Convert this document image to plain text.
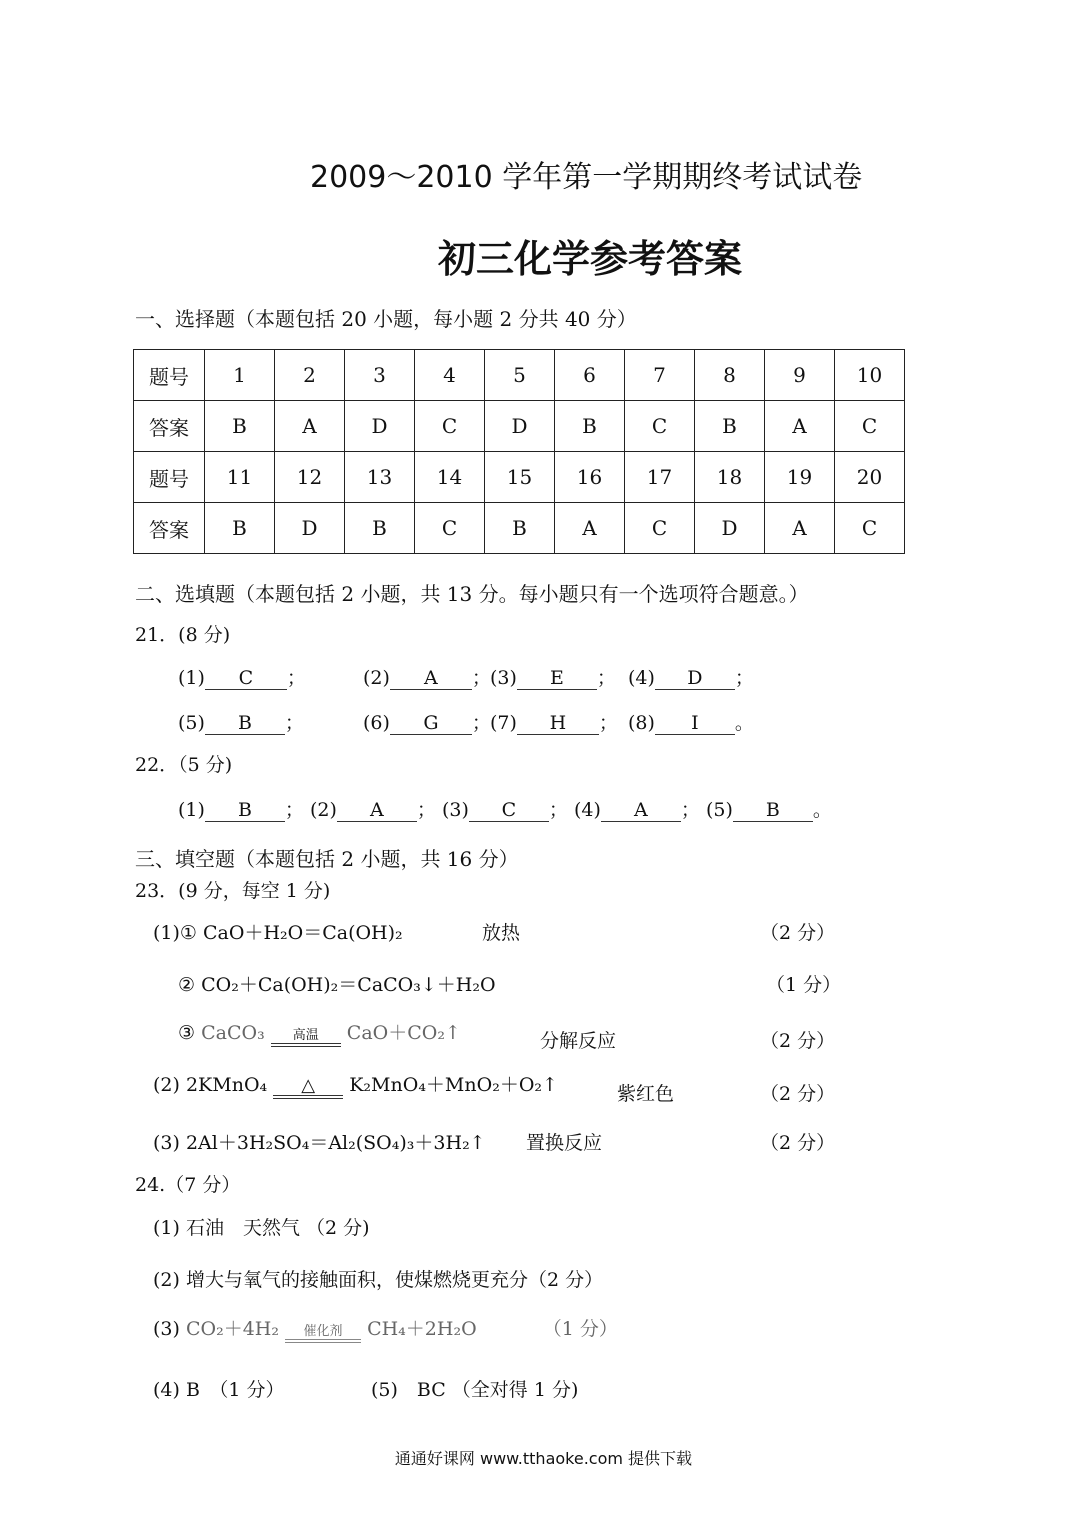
2009～2010 学年第一学期期终考试试卷
初三化学参考答案
一、选择题（本题包括 20 小题，每小题 2 分共 40 分）
题号	1	2	3	4	5	6	7	8	9	10
答案	B	A	D	C	D	B	C	B	A	C
题号	11	12	13	14	15	16	17	18	19	20
答案	B	D	B	C	B	A	C	D	A	C
二、选填题（本题包括 2 小题，共 13 分。每小题只有一个选项符合题意。）
21．(8 分)
(1) C ；	(2) A ； (3) E ； (4) D ；
(5) B ；	(6) G ； (7) H ； (8) I 。
22．（5 分)
(1) B ； (2) A ； (3) C ； (4) A ； (5) B 。
三、填空题（本题包括 2 小题，共 16 分）
23．(9 分，每空 1 分)
(1)① CaO＋H₂O＝Ca(OH)₂	放热	（2 分）
② CO₂＋Ca(OH)₂＝CaCO₃↓＋H₂O	（1 分）
③ CaCO₃	高温	CaO＋CO₂↑	分解反应	（2 分）
(2) 2KMnO₄	△	K₂MnO₄＋MnO₂＋O₂↑	紫红色	（2 分）
(3) 2Al＋3H₂SO₄＝Al₂(SO₄)₃＋3H₂↑ 置换反应	（2 分）
24.（7 分）
(1) 石油　天然气 （2 分)
(2) 增大与氧气的接触面积，使煤燃烧更充分（2 分）
(3) CO₂＋4H₂	催化剂	CH₄＋2H₂O	（1 分）
(4) B　（1 分）	(5)　BC （全对得 1 分)
通通好课网 www.tthaoke.com 提供下载
